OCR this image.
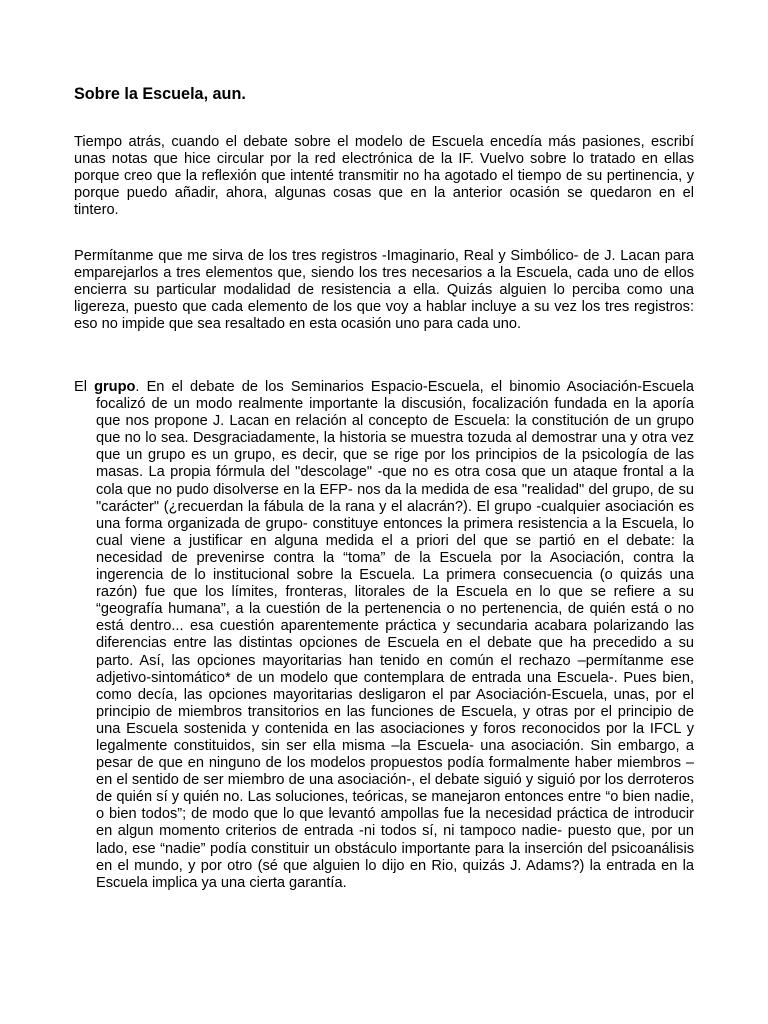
Sobre la Escuela, aun.

Tiempo atrás, cuando el debate sobre el modelo de Escuela encedía más pasiones, escribí unas notas que hice circular por la red electrónica de la IF. Vuelvo sobre lo tratado en ellas porque creo que la reflexión que intenté transmitir no ha agotado el tiempo de su pertinencia, y porque puedo añadir, ahora, algunas cosas que en la anterior ocasión se quedaron en el tintero.

Permítanme que me sirva de los tres registros -Imaginario, Real y Simbólico- de J. Lacan para emparejarlos a tres elementos que, siendo los tres necesarios a la Escuela, cada uno de ellos encierra su particular modalidad de resistencia a ella. Quizás alguien lo perciba como una ligereza, puesto que cada elemento de los que voy a hablar incluye a su vez los tres registros: eso no impide que sea resaltado en esta ocasión uno para cada uno.

El grupo. En el debate de los Seminarios Espacio-Escuela, el binomio Asociación-Escuela focalizó de un modo realmente importante la discusión, focalización fundada en la aporía que nos propone J. Lacan en relación al concepto de Escuela: la constitución de un grupo que no lo sea. Desgraciadamente, la historia se muestra tozuda al demostrar una y otra vez que un grupo es un grupo, es decir, que se rige por los principios de la psicología de las masas. La propia fórmula del "descolage" -que no es otra cosa que un ataque frontal a la cola que no pudo disolverse en la EFP- nos da la medida de esa "realidad" del grupo, de su "carácter" (¿recuerdan la fábula de la rana y el alacrán?). El grupo -cualquier asociación es una forma organizada de grupo- constituye entonces la primera resistencia a la Escuela, lo cual viene a justificar en alguna medida el a priori del que se partió en el debate: la necesidad de prevenirse contra la “toma” de la Escuela por la Asociación, contra la ingerencia de lo institucional sobre la Escuela. La primera consecuencia (o quizás una razón) fue que los límites, fronteras, litorales de la Escuela en lo que se refiere a su “geografía humana”, a la cuestión de la pertenencia o no pertenencia, de quién está o no está dentro... esa cuestión aparentemente práctica y secundaria acabara polarizando las diferencias entre las distintas opciones de Escuela en el debate que ha precedido a su parto. Así, las opciones mayoritarias han tenido en común el rechazo –permítanme ese adjetivo-sintomático* de un modelo que contemplara de entrada una Escuela-. Pues bien, como decía, las opciones mayoritarias desligaron el par Asociación-Escuela, unas, por el principio de miembros transitorios en las funciones de Escuela, y otras por el principio de una Escuela sostenida y contenida en las asociaciones y foros reconocidos por la IFCL y legalmente constituidos, sin ser ella misma –la Escuela- una asociación. Sin embargo, a pesar de que en ninguno de los modelos propuestos podía formalmente haber miembros –en el sentido de ser miembro de una asociación-, el debate siguió y siguió por los derroteros de quién sí y quién no. Las soluciones, teóricas, se manejaron entonces entre “o bien nadie, o bien todos”; de modo que lo que levantó ampollas fue la necesidad práctica de introducir en algun momento criterios de entrada -ni todos sí, ni tampoco nadie- puesto que, por un lado, ese “nadie” podía constituir un obstáculo importante para la inserción del psicoanálisis en el mundo, y por otro (sé que alguien lo dijo en Rio, quizás J. Adams?) la entrada en la Escuela implica ya una cierta garantía.
